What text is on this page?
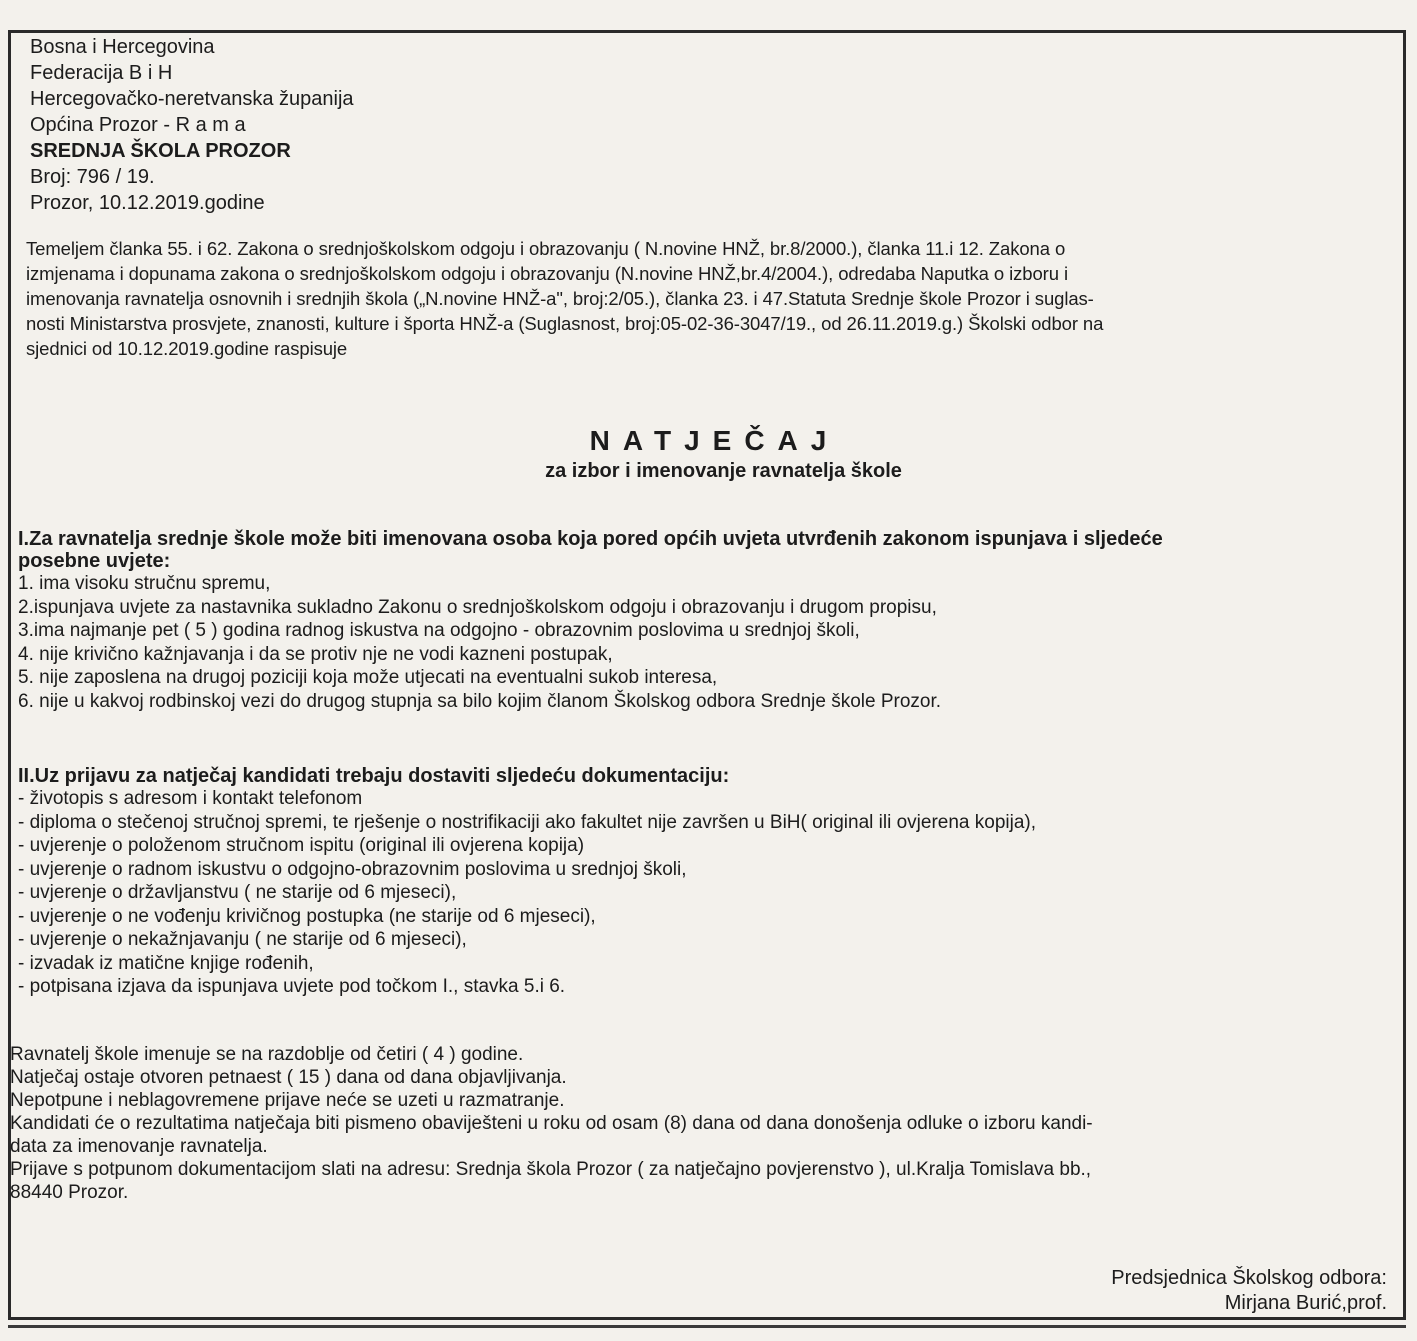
Bosna i Hercegovina
Federacija B i H
Hercegovačko-neretvanska županija
Općina Prozor - R a m a
SREDNJA ŠKOLA PROZOR
Broj: 796 / 19.
Prozor, 10.12.2019.godine

Temeljem članka 55. i 62. Zakona o srednjoškolskom odgoju i obrazovanju ( N.novine HNŽ, br.8/2000.), članka 11.i 12. Zakona o

izmjenama i dopunama zakona o srednjoškolskom odgoju i obrazovanju (N.novine HNŽ,br.4/2004.), odredaba Naputka o izboru i

imenovanja ravnatelja osnovnih i srednjih škola („N.novine HNŽ-a", broj:2/05.), članka 23. i 47.Statuta Srednje škole Prozor i suglas-

nosti Ministarstva prosvjete, znanosti, kulture i športa HNŽ-a (Suglasnost, broj:05-02-36-3047/19., od 26.11.2019.g.) Školski odbor na

sjednici od 10.12.2019.godine raspisuje

NATJEČAJ
za izbor i imenovanje ravnatelja škole

I.Za ravnatelja srednje škole može biti imenovana osoba koja pored općih uvjeta utvrđenih zakonom ispunjava i sljedeće

posebne uvjete:

1. ima visoku stručnu spremu,

2.ispunjava uvjete za nastavnika sukladno Zakonu o srednjoškolskom odgoju i obrazovanju i drugom propisu,

3.ima najmanje pet ( 5 ) godina radnog iskustva na odgojno - obrazovnim poslovima u srednjoj školi,

4. nije krivično kažnjavanja i da se protiv nje ne vodi kazneni postupak,

5. nije zaposlena na drugoj poziciji koja može utjecati na eventualni sukob interesa,

6. nije u kakvoj rodbinskoj vezi do drugog stupnja sa bilo kojim članom Školskog odbora Srednje škole Prozor.

II.Uz prijavu za natječaj kandidati trebaju dostaviti sljedeću dokumentaciju:

- životopis s adresom i kontakt telefonom

- diploma o stečenoj stručnoj spremi, te rješenje o nostrifikaciji ako fakultet nije završen u BiH( original ili ovjerena kopija),

- uvjerenje o položenom stručnom ispitu (original ili ovjerena kopija)

- uvjerenje o radnom iskustvu o odgojno-obrazovnim poslovima u srednjoj školi,

- uvjerenje o državljanstvu ( ne starije od 6 mjeseci),

- uvjerenje o ne vođenju krivičnog postupka (ne starije od 6 mjeseci),

- uvjerenje o nekažnjavanju ( ne starije od 6 mjeseci),

- izvadak iz matične knjige rođenih,

- potpisana izjava da ispunjava uvjete pod točkom I., stavka 5.i 6.

Ravnatelj škole imenuje se na razdoblje od četiri ( 4 ) godine.

Natječaj ostaje otvoren petnaest ( 15 ) dana od dana objavljivanja.

Nepotpune i neblagovremene prijave neće se uzeti u razmatranje.

Kandidati će o rezultatima natječaja biti pismeno obaviješteni u roku od osam (8) dana od dana donošenja odluke o izboru kandi-

data za imenovanje ravnatelja.

Prijave s potpunom dokumentacijom slati na adresu: Srednja škola Prozor ( za natječajno povjerenstvo ), ul.Kralja Tomislava bb.,

88440 Prozor.

Predsjednica Školskog odbora:
Mirjana Burić,prof.
